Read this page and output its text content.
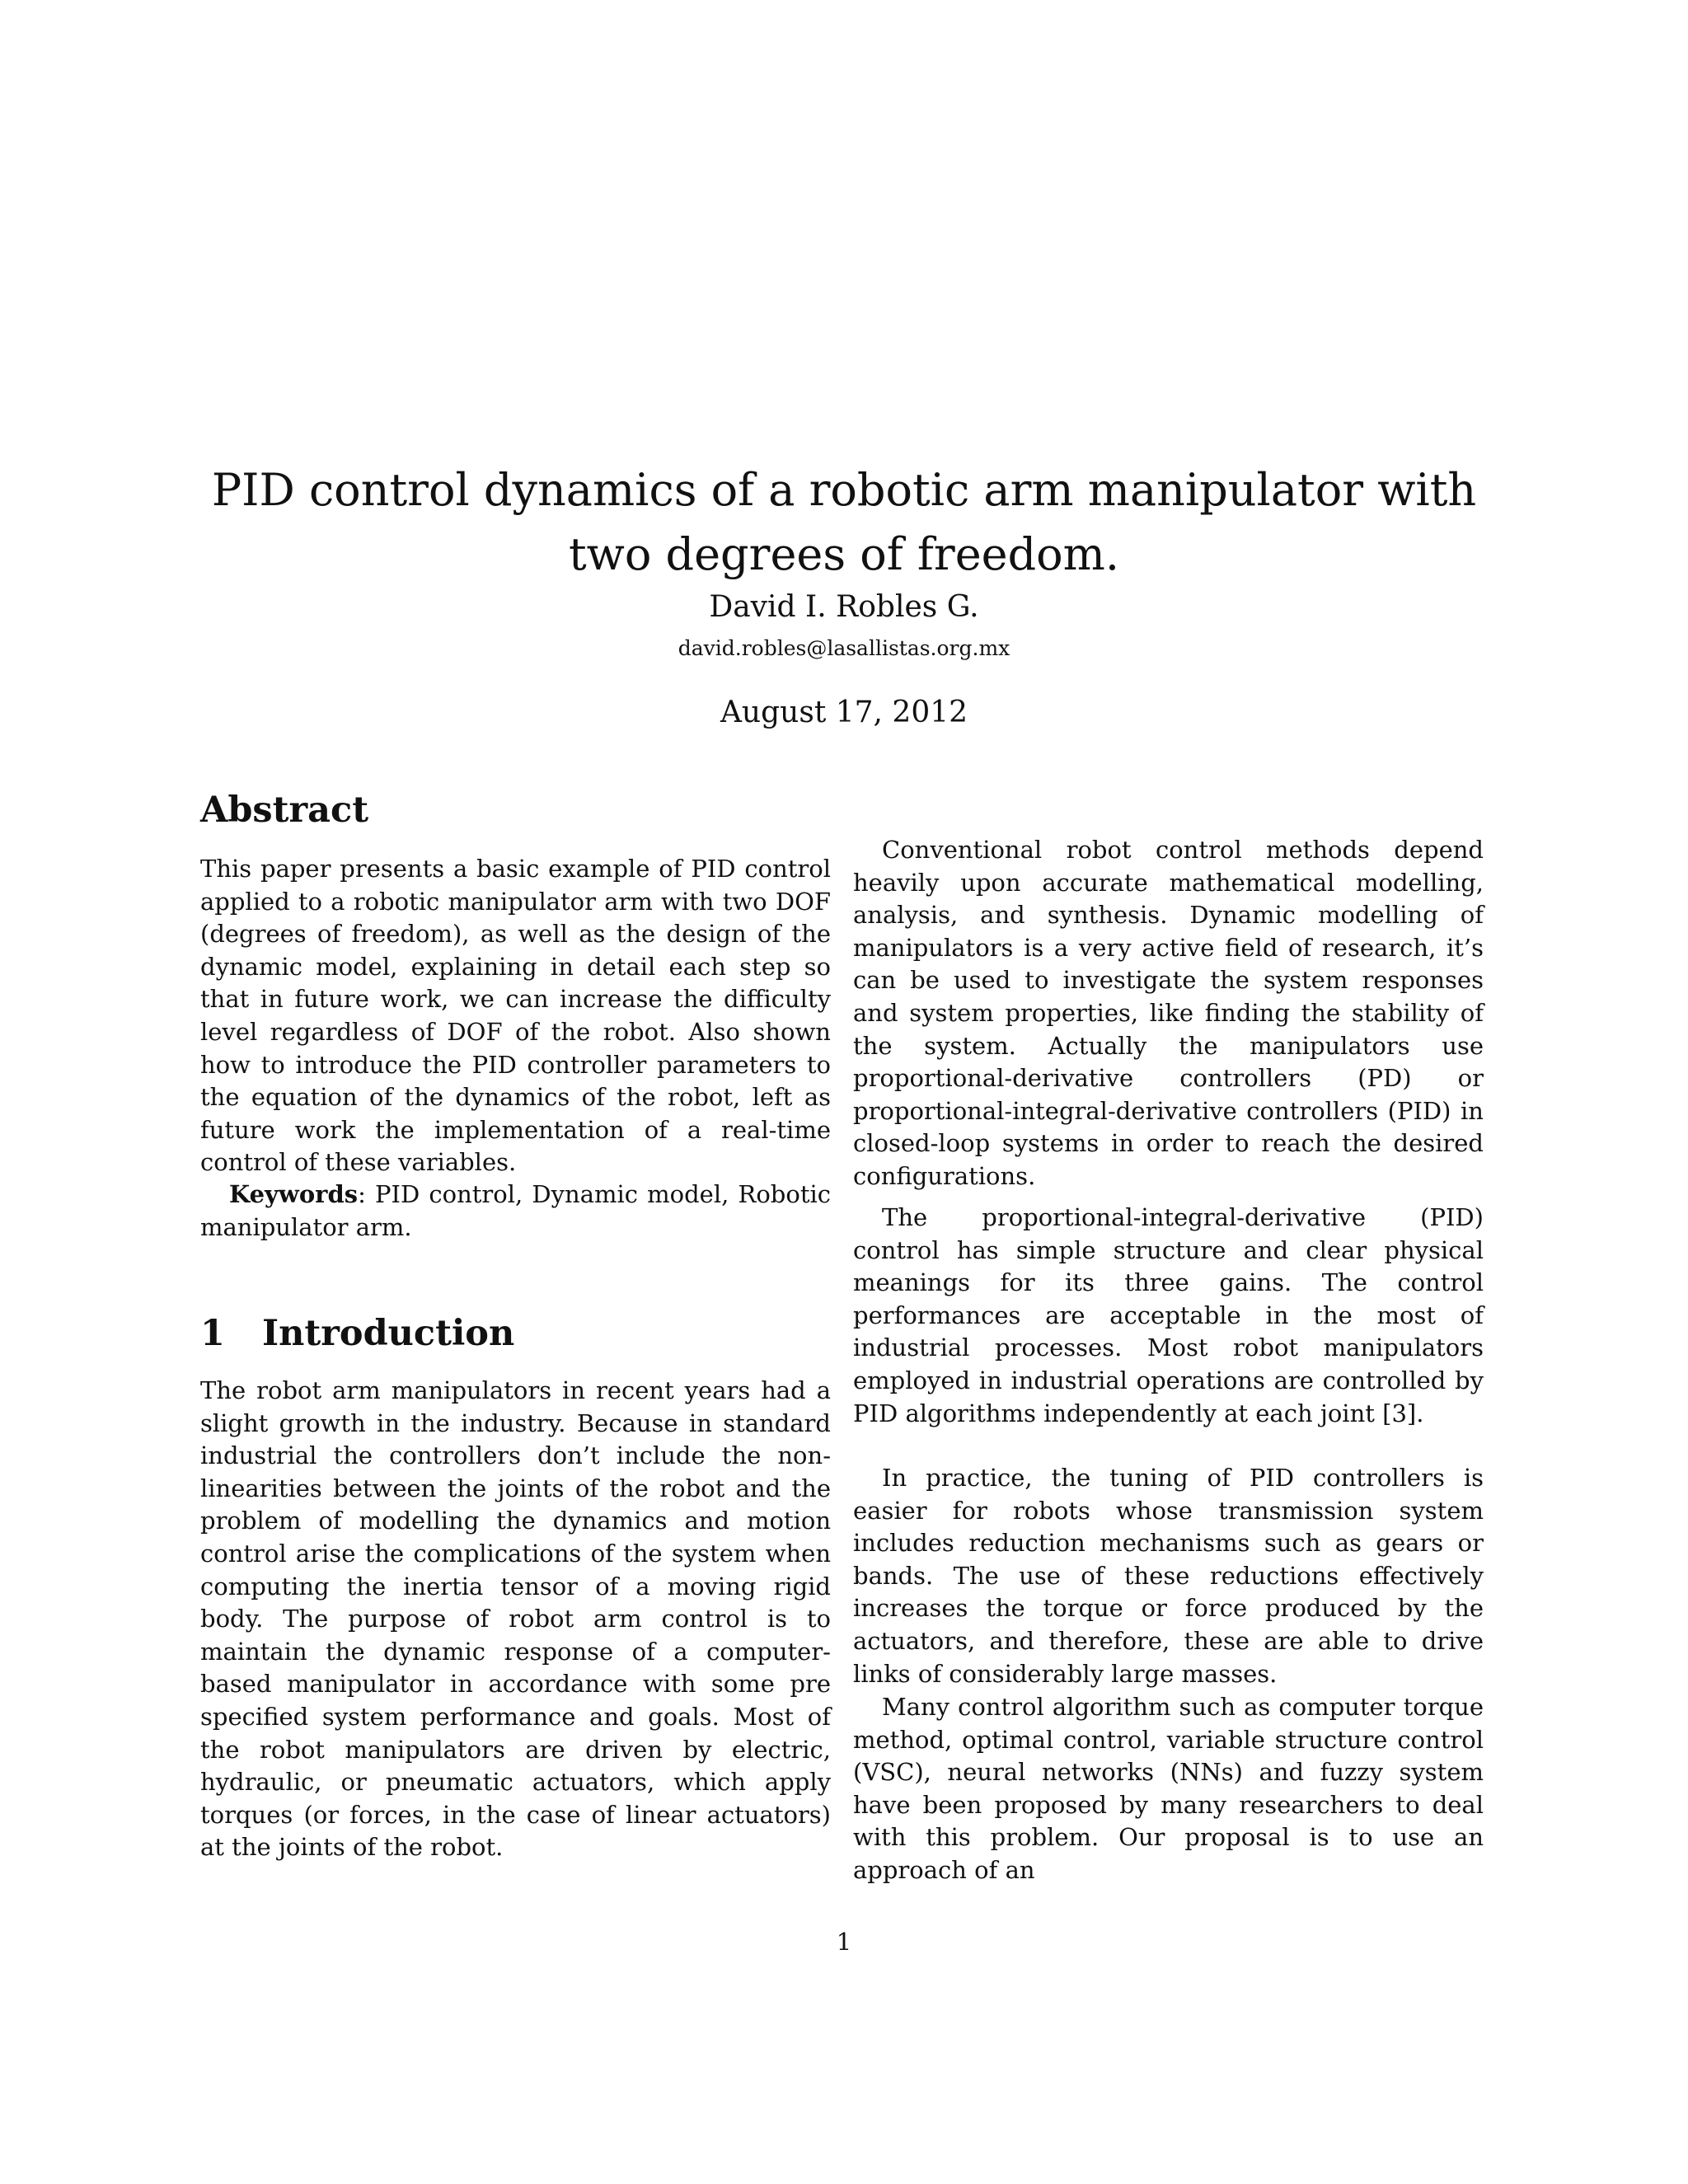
PID control dynamics of a robotic arm manipulator with two degrees of freedom.
David I. Robles G.
david.robles@lasallistas.org.mx
August 17, 2012
Abstract

This paper presents a basic example of PID control applied to a robotic manipulator arm with two DOF (degrees of freedom), as well as the design of the dynamic model, explaining in detail each step so that in future work, we can increase the difficulty level regardless of DOF of the robot. Also shown how to introduce the PID controller parameters to the equation of the dynamics of the robot, left as future work the implementation of a real-time control of these variables.

Keywords: PID control, Dynamic model, Robotic manipulator arm.

1 Introduction

The robot arm manipulators in recent years had a slight growth in the industry. Because in standard industrial the controllers don’t include the non-linearities between the joints of the robot and the problem of modelling the dynamics and motion control arise the complications of the system when computing the inertia tensor of a moving rigid body. The purpose of robot arm control is to maintain the dynamic response of a computer-based manipulator in accordance with some pre specified system performance and goals. Most of the robot manipulators are driven by electric, hydraulic, or pneumatic actuators, which apply torques (or forces, in the case of linear actuators) at the joints of the robot.

Conventional robot control methods depend heavily upon accurate mathematical modelling, analysis, and synthesis. Dynamic modelling of manipulators is a very active field of research, it’s can be used to investigate the system responses and system properties, like finding the stability of the system. Actually the manipulators use proportional-derivative controllers (PD) or proportional-integral-derivative controllers (PID) in closed-loop systems in order to reach the desired configurations.

The proportional-integral-derivative (PID) control has simple structure and clear physical meanings for its three gains. The control performances are acceptable in the most of industrial processes. Most robot manipulators employed in industrial operations are controlled by PID algorithms independently at each joint [3].

In practice, the tuning of PID controllers is easier for robots whose transmission system includes reduction mechanisms such as gears or bands. The use of these reductions effectively increases the torque or force produced by the actuators, and therefore, these are able to drive links of considerably large masses.

Many control algorithm such as computer torque method, optimal control, variable structure control (VSC), neural networks (NNs) and fuzzy system have been proposed by many researchers to deal with this problem. Our proposal is to use an approach of an

1
